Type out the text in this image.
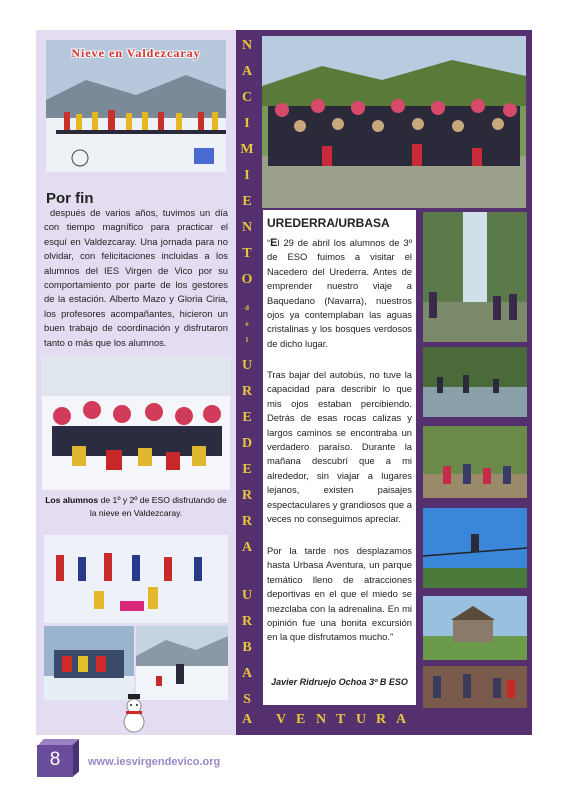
Nieve en Valdezcaray
Por fin
después de varios años, tuvimos un día con tiempo magnífico para practicar el esquí en Valdezcaray. Una jornada para no olvidar, con felicitaciones incluidas a los alumnos del IES Virgen de Vico por su comportamiento por parte de los gestores de la estación. Alberto Mazo y Gloria Ciria, los profesores acompañantes, hicieron un buen trabajo de coordinación y disfrutaron tanto o más que los alumnos.
Los alumnos de 1º y 2º de ESO disfrutando de la nieve en Valdezcaray.
N
A
C
I
M
I
E
N
T
O
d
e
l
U
R
E
D
E
R
R
A
U
R
B
A
S
UREDERRA/URBASA
“El 29 de abril los alumnos de 3º de ESO fuimos a visitar el Nacedero del Urederra. Antes de emprender nuestro viaje a Baquedano (Navarra), nuestros ojos ya contemplaban las aguas cristalinas y los bosques verdosos de dicho lugar.
Tras bajar del autobús, no tuve la capacidad para describir lo que mis ojos estaban percibiendo. Detrás de esas rocas calizas y largos caminos se encontraba un verdadero paraíso. Durante la mañana descubrí que a mi alrededor, sin viajar a lugares lejanos, existen paisajes espectaculares y grandiosos que a veces no conseguimos apreciar.
Por la tarde nos desplazamos hasta Urbasa Aventura, un parque temático lleno de atracciones deportivas en el que el miedo se mezclaba con la adrenalina. En mi opinión fue una bonita excursión en la que disfrutamos mucho.”
Javier Ridruejo Ochoa 3º B ESO
A V E N T U R A
8	www.iesvirgendevico.org
